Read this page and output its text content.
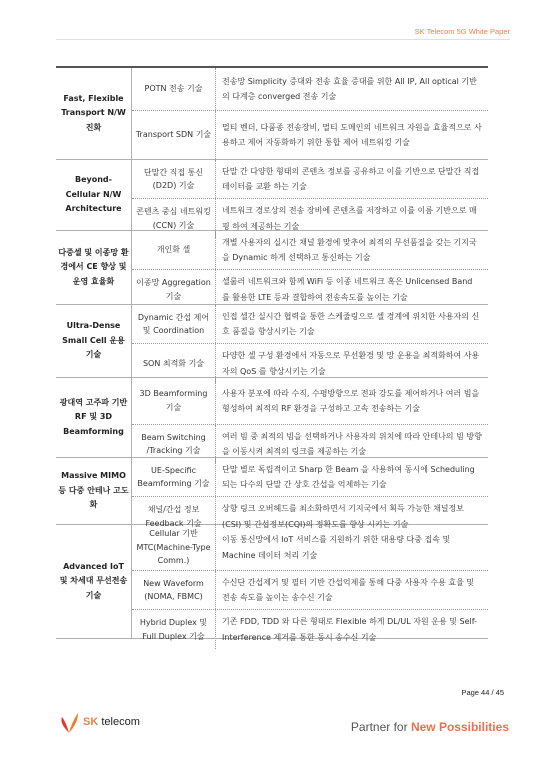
SK Telecom 5G White Paper
Fast, Flexible Transport N/W 진화
POTN 전송 기술
전송망 Simplicity 증대와 전송 효율 증대를 위한 All IP, All optical 기반의 다계층 converged 전송 기술
Transport SDN 기술
멀티 벤더, 다품종 전송장비, 멀티 도메인의 네트워크 자원을 효율적으로 사용하고 제어 자동화하기 위한 통합 제어 네트워킹 기술
Beyond-Cellular N/W Architecture
단말간 직접 통신 (D2D) 기술
단말 간 다양한 형태의 콘텐츠 정보를 공유하고 이를 기반으로 단말간 직접 데이터를 교환 하는 기술
콘텐츠 중심 네트워킹(CCN) 기술
네트워크 경로상의 전송 장비에 콘텐츠를 저장하고 이를 이름 기반으로 매핑 하여 제공하는 기술
다중셀 및 이종망 환경에서 CE 향상 및 운영 효율화
개인화 셀
개별 사용자의 실시간 채널 환경에 맞추어 최적의 무선품질을 갖는 기지국을 Dynamic 하게 선택하고 통신하는 기술
이종망 Aggregation 기술
셀룰러 네트워크와 함께 WiFi 등 이종 네트워크 혹은 Unlicensed Band 를 활용한 LTE 등과 결합하여 전송속도를 높이는 기술
Ultra-Dense Small Cell 운용 기술
Dynamic 간섭 제어 및 Coordination
인접 셀간 실시간 협력을 통한 스케줄링으로 셀 경계에 위치한 사용자의 신호 품질을 향상시키는 기술
SON 최적화 기술
다양한 셀 구성 환경에서 자동으로 무선환경 및 망 운용을 최적화하여 사용자의 QoS 를 향상시키는 기술
광대역 고주파 기반 RF 및 3D Beamforming
3D Beamforming 기술
사용자 분포에 따라 수직, 수평방향으로 전파 강도를 제어하거나 여러 빔을 형성하여 최적의 RF 환경을 구성하고 고속 전송하는 기술
Beam Switching /Tracking 기술
여러 빔 중 최적의 빔을 선택하거나 사용자의 위치에 따라 안테나의 빔 방향을 이동시켜 최적의 링크를 제공하는 기술
Massive MIMO 등 다중 안테나 고도화
UE-Specific Beamforming 기술
단말 별로 독립적이고 Sharp 한 Beam 을 사용하여 동시에 Scheduling 되는 다수의 단말 간 상호 간섭을 억제하는 기술
채널/간섭 정보 Feedback 기술
상향 링크 오버헤드를 최소화하면서 기지국에서 획득 가능한 채널정보(CSI) 및 간섭정보(CQI)의 정확도를 향상 시키는 기술
Advanced IoT 및 차세대 무선전송 기술
Cellular 기반 MTC(Machine-Type Comm.)
이동 통신망에서 IoT 서비스를 지원하기 위한 대용량 다중 접속 및 Machine 데이터 처리 기술
New Waveform (NOMA, FBMC)
수신단 간섭제거 및 필터 기반 간섭억제를 통해 다중 사용자 수용 효율 및 전송 속도를 높이는 송수신 기술
Hybrid Duplex 및 Full Duplex 기술
기존 FDD, TDD 와 다른 형태로 Flexible 하게 DL/UL 자원 운용 및 Self-Interference 제거를 통한 동시 송수신 기술
Page 44 / 45
SK telecom	Partner for New Possibilities
